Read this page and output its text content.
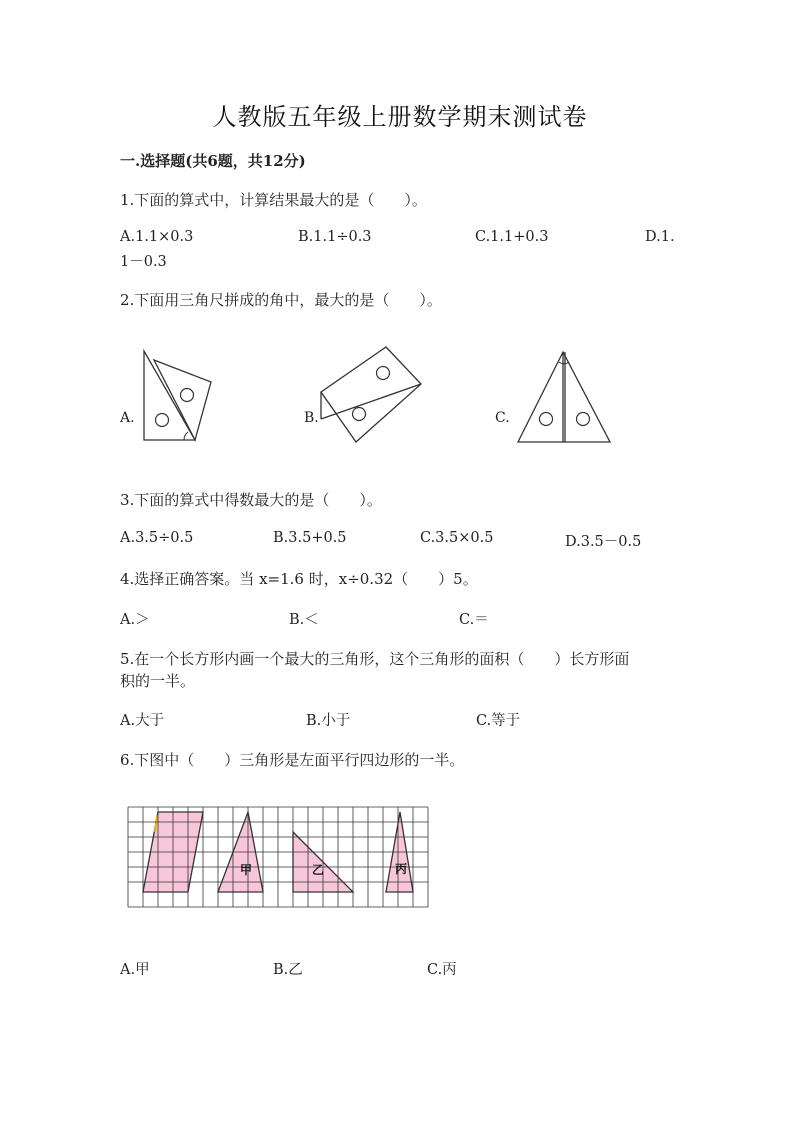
人教版五年级上册数学期末测试卷
一.选择题(共6题，共12分)
1.下面的算式中，计算结果最大的是（　　）。
A.1.1×0.3	B.1.1÷0.3	C.1.1+0.3	D.1.
1－0.3
2.下面用三角尺拼成的角中，最大的是（　　）。
A.	B.	C.
3.下面的算式中得数最大的是（　　）。
A.3.5÷0.5	B.3.5+0.5	C.3.5×0.5	D.3.5－0.5
4.选择正确答案。当 x=1.6 时，x÷0.32（　　）5。
A.＞	B.＜	C.＝
5.在一个长方形内画一个最大的三角形，这个三角形的面积（　　）长方形面
积的一半。
A.大于	B.小于	C.等于
6.下图中（　　）三角形是左面平行四边形的一半。
甲	乙	丙
A.甲	B.乙	C.丙
